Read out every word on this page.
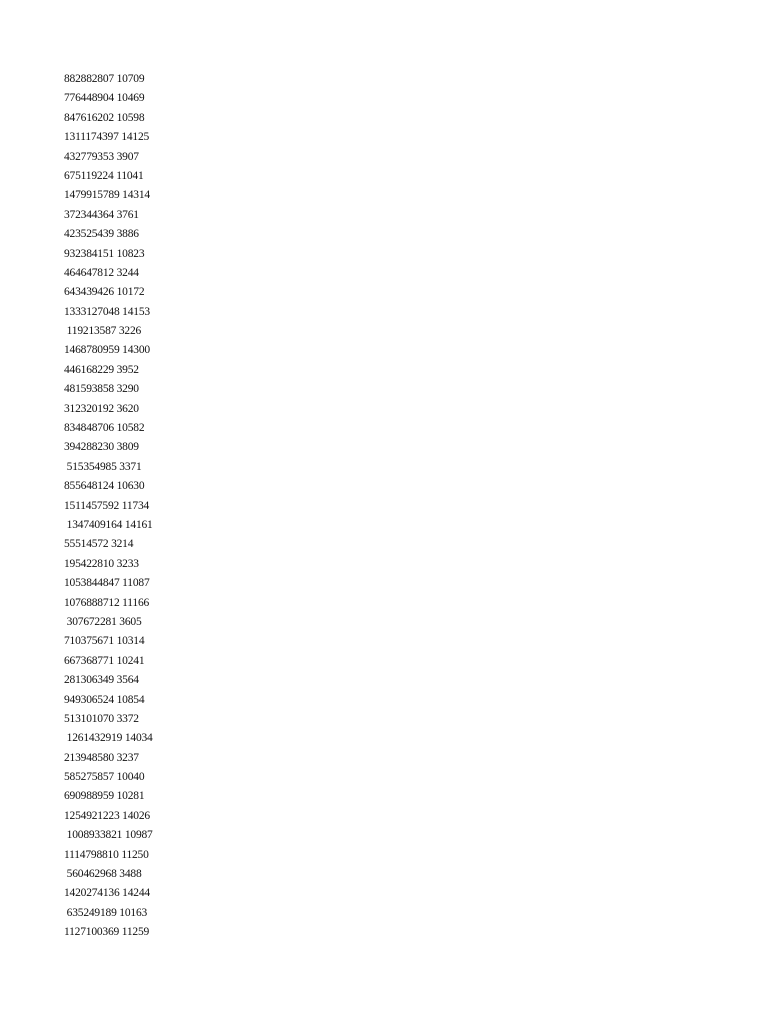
882882807 10709
776448904 10469
847616202 10598
1311174397 14125
432779353 3907
675119224 11041
1479915789 14314
372344364 3761
423525439 3886
932384151 10823
464647812 3244
643439426 10172
1333127048 14153
119213587 3226
1468780959 14300
446168229 3952
481593858 3290
312320192 3620
834848706 10582
394288230 3809
515354985 3371
855648124 10630
1511457592 11734
1347409164 14161
55514572 3214
195422810 3233
1053844847 11087
1076888712 11166
307672281 3605
710375671 10314
667368771 10241
281306349 3564
949306524 10854
513101070 3372
1261432919 14034
213948580 3237
585275857 10040
690988959 10281
1254921223 14026
1008933821 10987
1114798810 11250
560462968 3488
1420274136 14244
635249189 10163
1127100369 11259
